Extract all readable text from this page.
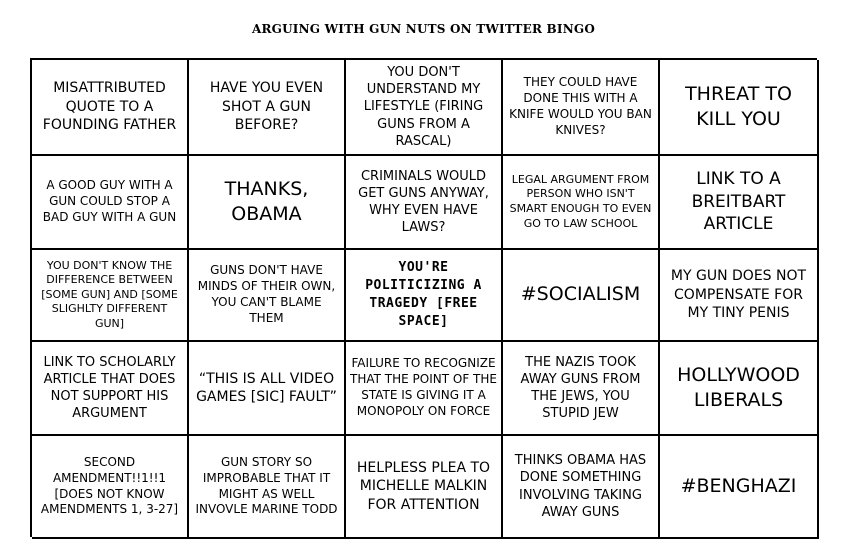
ARGUING WITH GUN NUTS ON TWITTER BINGO
MISATTRIBUTED QUOTE TO A FOUNDING FATHER
HAVE YOU EVEN SHOT A GUN BEFORE?
YOU DON'T UNDERSTAND MY LIFESTYLE (FIRING GUNS FROM A RASCAL)
THEY COULD HAVE DONE THIS WITH A KNIFE WOULD YOU BAN KNIVES?
THREAT TO KILL YOU
A GOOD GUY WITH A GUN COULD STOP A BAD GUY WITH A GUN
THANKS, OBAMA
CRIMINALS WOULD GET GUNS ANYWAY, WHY EVEN HAVE LAWS?
LEGAL ARGUMENT FROM PERSON WHO ISN'T SMART ENOUGH TO EVEN GO TO LAW SCHOOL
LINK TO A BREITBART ARTICLE
YOU DON'T KNOW THE DIFFERENCE BETWEEN [SOME GUN] AND [SOME SLIGHLTY DIFFERENT GUN]
GUNS DON'T HAVE MINDS OF THEIR OWN, YOU CAN'T BLAME THEM
YOU'RE POLITICIZING A TRAGEDY [FREE SPACE]
#SOCIALISM
MY GUN DOES NOT COMPENSATE FOR MY TINY PENIS
LINK TO SCHOLARLY ARTICLE THAT DOES NOT SUPPORT HIS ARGUMENT
“THIS IS ALL VIDEO GAMES [SIC] FAULT”
FAILURE TO RECOGNIZE THAT THE POINT OF THE STATE IS GIVING IT A MONOPOLY ON FORCE
THE NAZIS TOOK AWAY GUNS FROM THE JEWS, YOU STUPID JEW
HOLLYWOOD LIBERALS
SECOND AMENDMENT!!1!!1 [DOES NOT KNOW AMENDMENTS 1, 3-27]
GUN STORY SO IMPROBABLE THAT IT MIGHT AS WELL INVOVLE MARINE TODD
HELPLESS PLEA TO MICHELLE MALKIN FOR ATTENTION
THINKS OBAMA HAS DONE SOMETHING INVOLVING TAKING AWAY GUNS
#BENGHAZI
